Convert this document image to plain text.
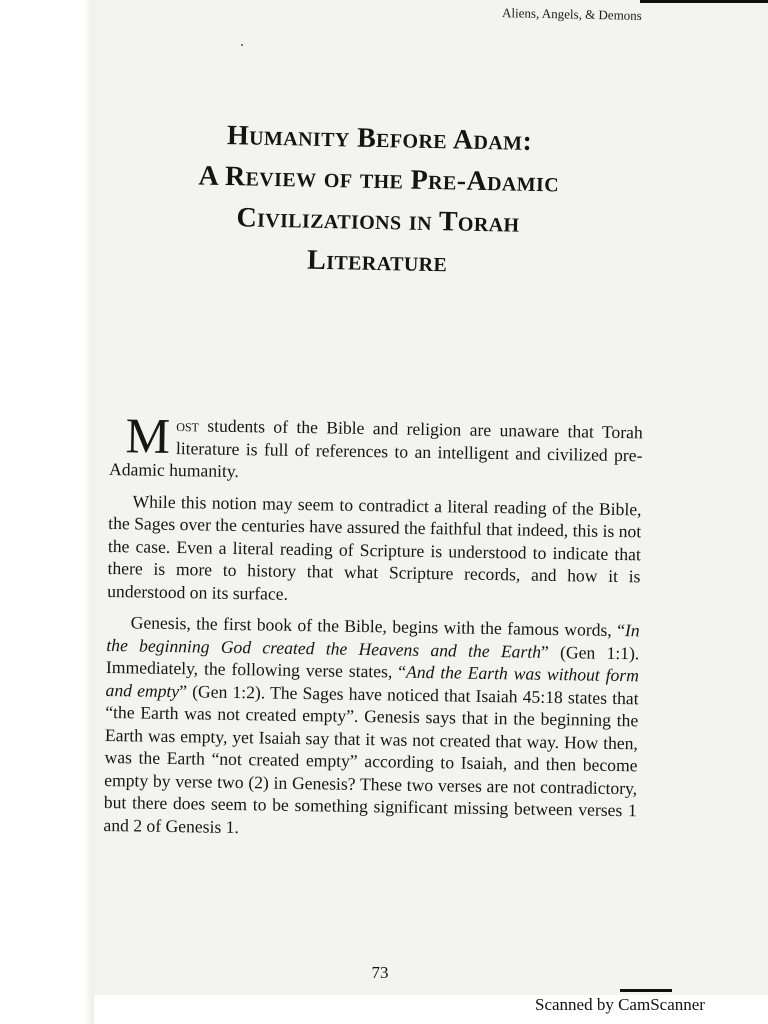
Aliens, Angels, & Demons
Humanity Before Adam:
A Review of the Pre-Adamic
Civilizations in Torah
Literature

Most students of the Bible and religion are unaware that Torah literature is full of references to an intelligent and civilized pre-Adamic humanity.

While this notion may seem to contradict a literal reading of the Bible, the Sages over the centuries have assured the faithful that indeed, this is not the case. Even a literal reading of Scripture is understood to indicate that there is more to history that what Scripture records, and how it is understood on its surface.

Genesis, the first book of the Bible, begins with the famous words, “In the beginning God created the Heavens and the Earth” (Gen 1:1). Immediately, the following verse states, “And the Earth was without form and empty” (Gen 1:2). The Sages have noticed that Isaiah 45:18 states that “the Earth was not created empty”. Genesis says that in the beginning the Earth was empty, yet Isaiah say that it was not created that way. How then, was the Earth “not created empty” according to Isaiah, and then become empty by verse two (2) in Genesis? These two verses are not contradictory, but there does seem to be something significant missing between verses 1 and 2 of Genesis 1.

73
Scanned by CamScanner
